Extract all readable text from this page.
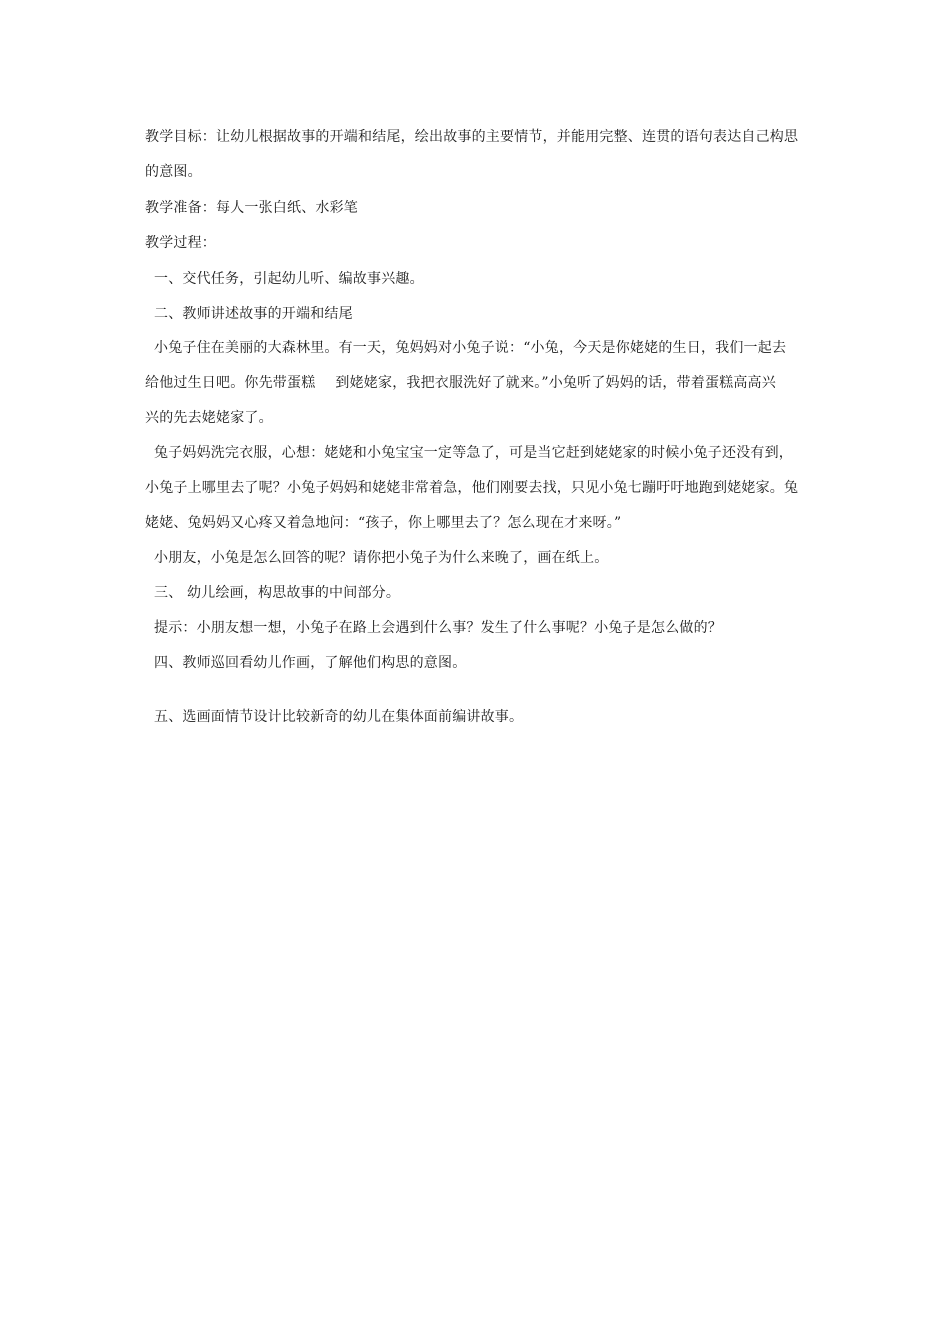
教学目标：让幼儿根据故事的开端和结尾，绘出故事的主要情节，并能用完整、连贯的语句表达自己构思
的意图。
教学准备：每人一张白纸、水彩笔
教学过程：
一、交代任务，引起幼儿听、编故事兴趣。
二、教师讲述故事的开端和结尾
小兔子住在美丽的大森林里。有一天，兔妈妈对小兔子说：“小兔，今天是你姥姥的生日，我们一起去
给他过生日吧。你先带蛋糕 到姥姥家，我把衣服洗好了就来。”小兔听了妈妈的话，带着蛋糕高高兴
兴的先去姥姥家了。
兔子妈妈洗完衣服，心想：姥姥和小兔宝宝一定等急了，可是当它赶到姥姥家的时候小兔子还没有到，
小兔子上哪里去了呢？小兔子妈妈和姥姥非常着急，他们刚要去找，只见小兔七蹦吁吁地跑到姥姥家。兔
姥姥、兔妈妈又心疼又着急地问：“孩子，你上哪里去了？怎么现在才来呀。”
小朋友，小兔是怎么回答的呢？请你把小兔子为什么来晚了，画在纸上。
三、 幼儿绘画，构思故事的中间部分。
提示：小朋友想一想，小兔子在路上会遇到什么事？发生了什么事呢？小兔子是怎么做的？
四、教师巡回看幼儿作画，了解他们构思的意图。
五、选画面情节设计比较新奇的幼儿在集体面前编讲故事。
